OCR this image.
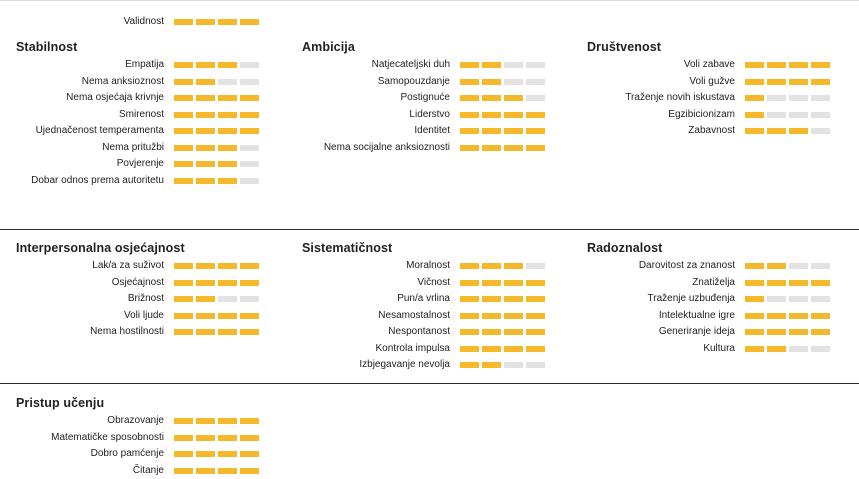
Validnost
Stabilnost
Empatija
Nema anksioznost
Nema osjećaja krivnje
Smirenost
Ujednačenost temperamenta
Nema pritužbi
Povjerenje
Dobar odnos prema autoritetu
Ambicija
Natjecateljski duh
Samopouzdanje
Postignuće
Liderstvo
Identitet
Nema socijalne anksioznosti
Društvenost
Voli zabave
Voli gužve
Traženje novih iskustava
Egzibicionizam
Zabavnost
Interpersonalna osjećajnost
Lak/a za suživot
Osjećajnost
Brižnost
Voli ljude
Nema hostilnosti
Sistematičnost
Moralnost
Vičnost
Pun/a vrlina
Nesamostalnost
Nespontanost
Kontrola impulsa
Izbjegavanje nevolja
Radoznalost
Darovitost za znanost
Znatiželja
Traženje uzbuđenja
Intelektualne igre
Generiranje ideja
Kultura
Pristup učenju
Obrazovanje
Matematičke sposobnosti
Dobro pamćenje
Čitanje
